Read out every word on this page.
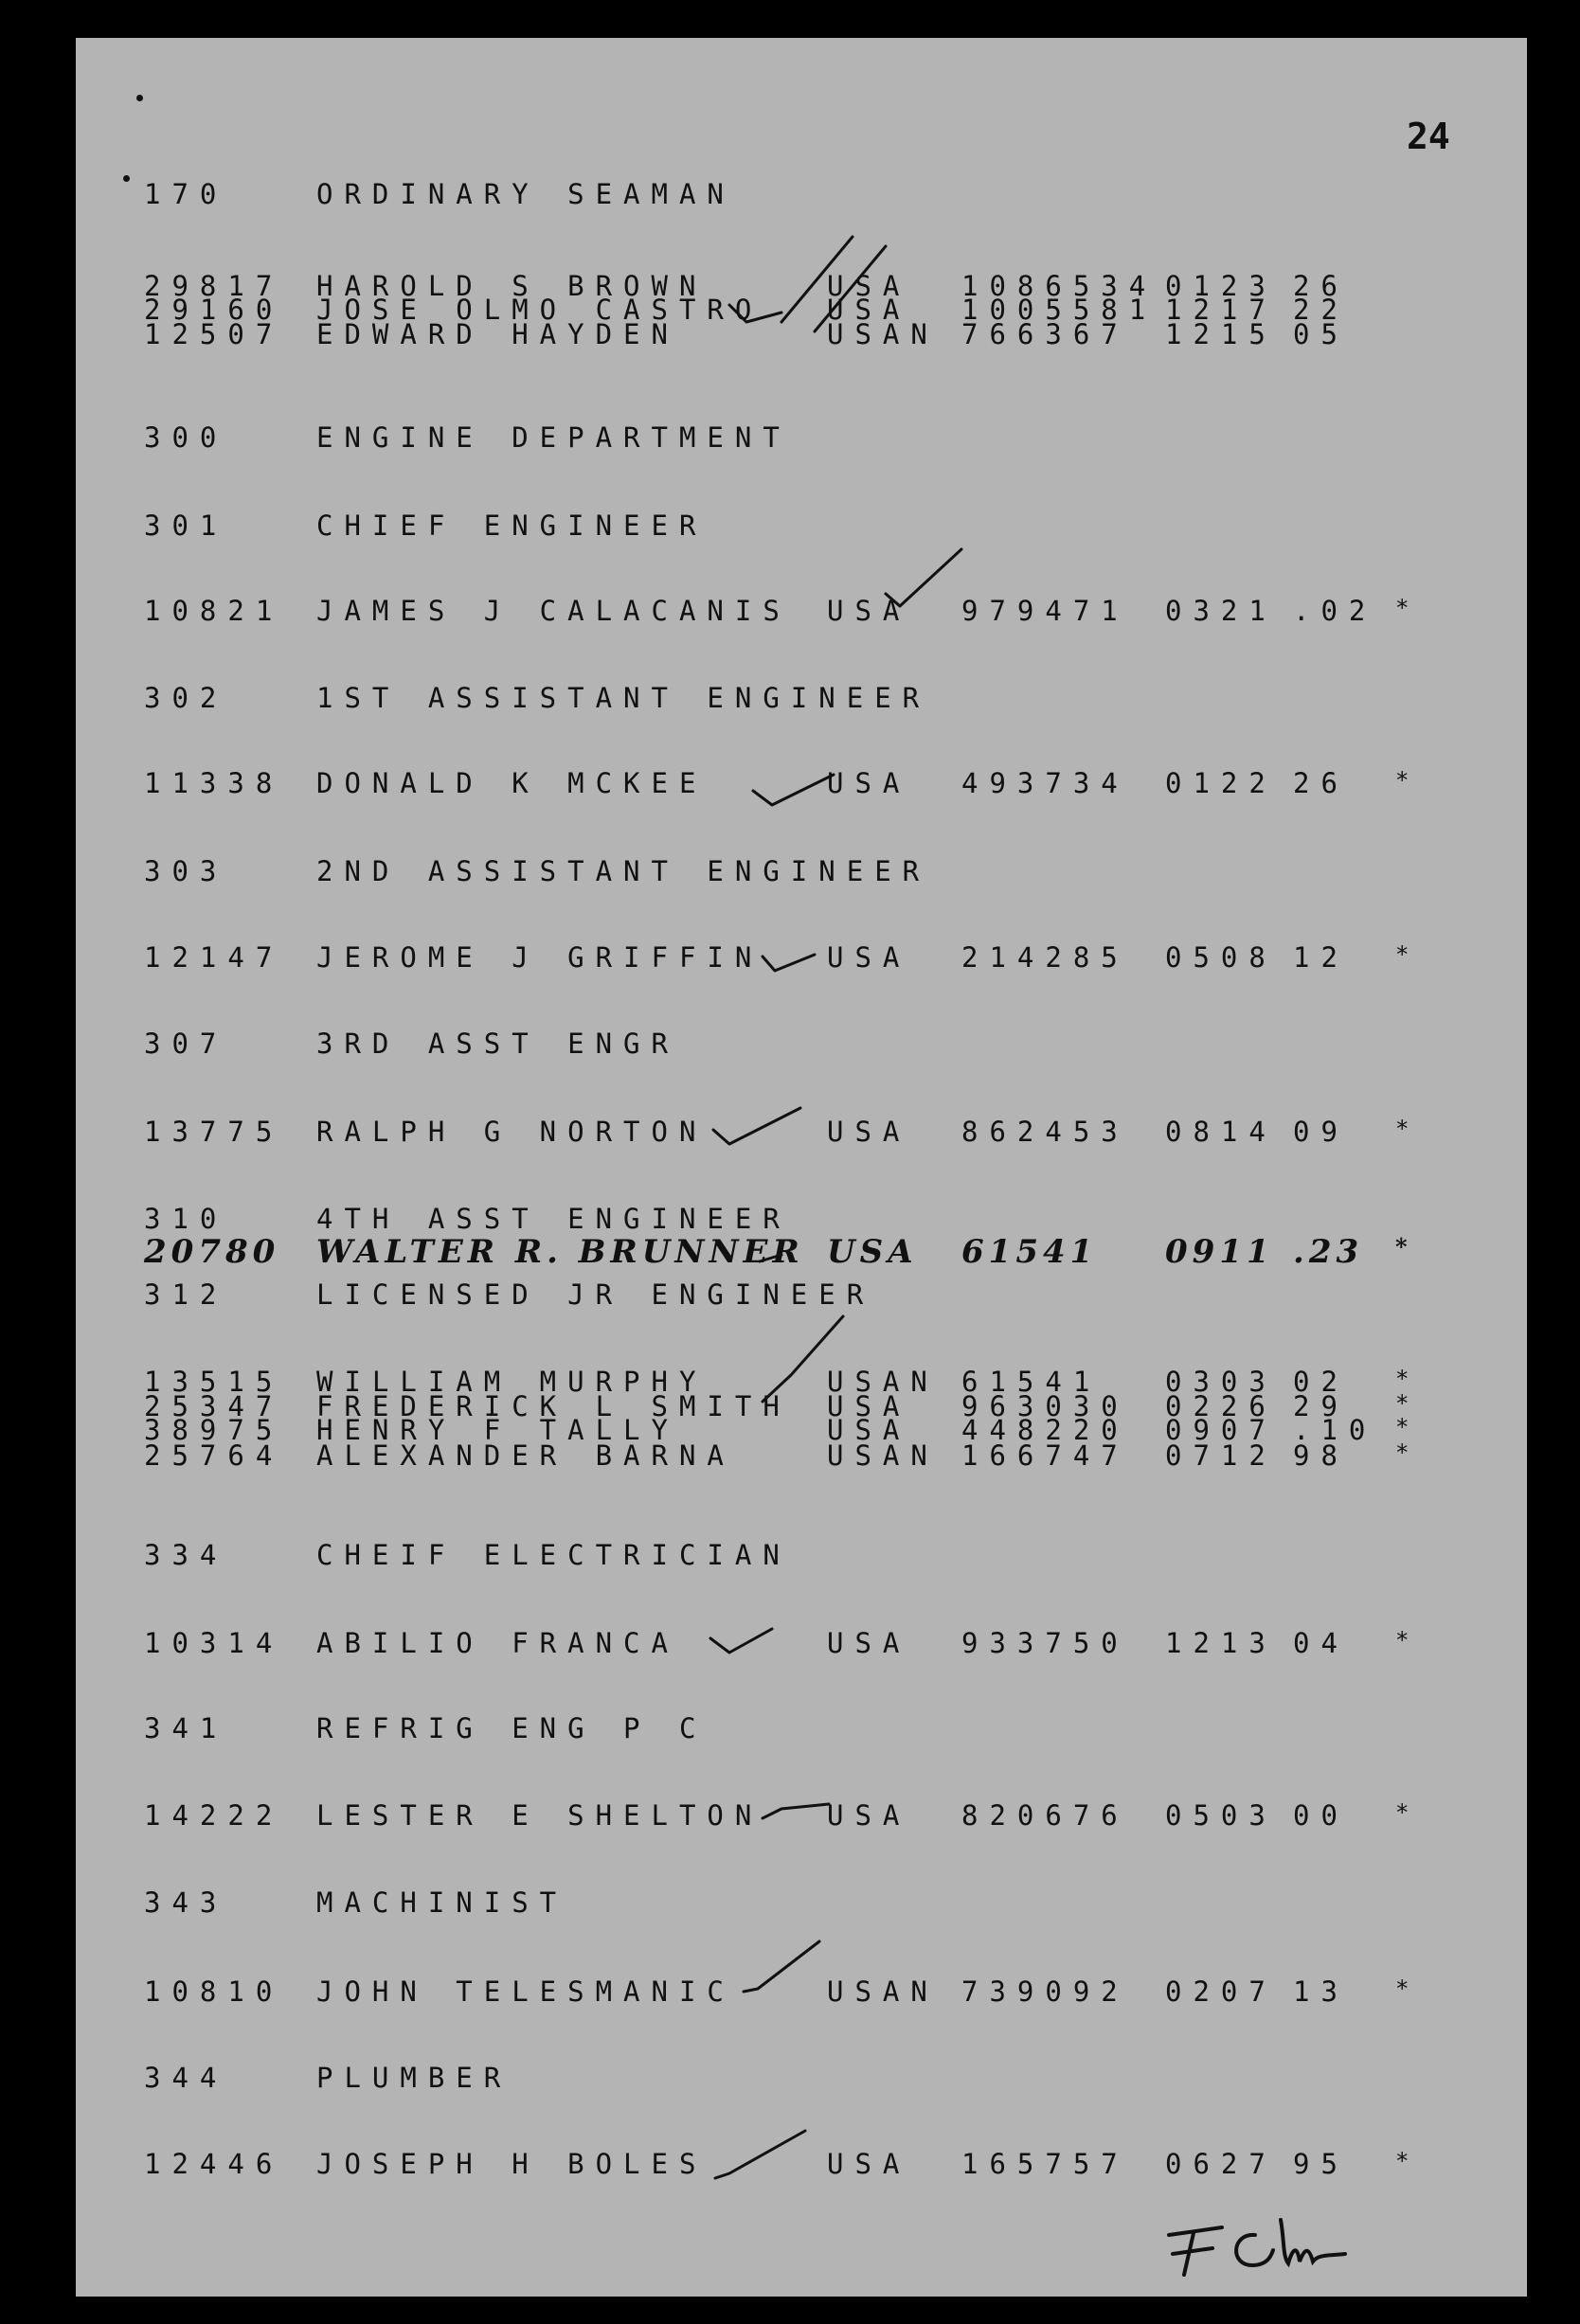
24
170	ORDINARY SEAMAN
29817 HAROLD S BROWN	USA 1086534 0123 26
29160 JOSE OLMO CASTRO USA 1005581 1217 22
12507 EDWARD HAYDEN	USAN 766367 1215 05
300	ENGINE DEPARTMENT
301	CHIEF ENGINEER
10821 JAMES J CALACANIS USA 979471 0321 .02 *
302	1ST ASSISTANT ENGINEER
11338 DONALD K MCKEE	USA 493734 0122 26 *
303	2ND ASSISTANT ENGINEER
12147 JEROME J GRIFFIN USA 214285 0508 12 *
307	3RD ASST ENGR
13775 RALPH G NORTON	USA 862453 0814 09 *
310	4TH ASST ENGINEER
20780 WALTER R. BRUNNER USA 61541 0911 .23 *
312	LICENSED JR ENGINEER
13515 WILLIAM MURPHY	USAN 61541 0303 02 *
25347 FREDERICK L SMITH USA 963030 0226 29 *
38975 HENRY F TALLY	USA 448220 0907 .10 *
25764 ALEXANDER BARNA	USAN 166747 0712 98 *
334	CHEIF ELECTRICIAN
10314 ABILIO FRANCA	USA 933750 1213 04 *
341	REFRIG ENG P C
14222 LESTER E SHELTON USA 820676 0503 00 *
343	MACHINIST
10810 JOHN TELESMANIC	USAN 739092 0207 13 *
344	PLUMBER
12446 JOSEPH H BOLES	USA 165757 0627 95 *
